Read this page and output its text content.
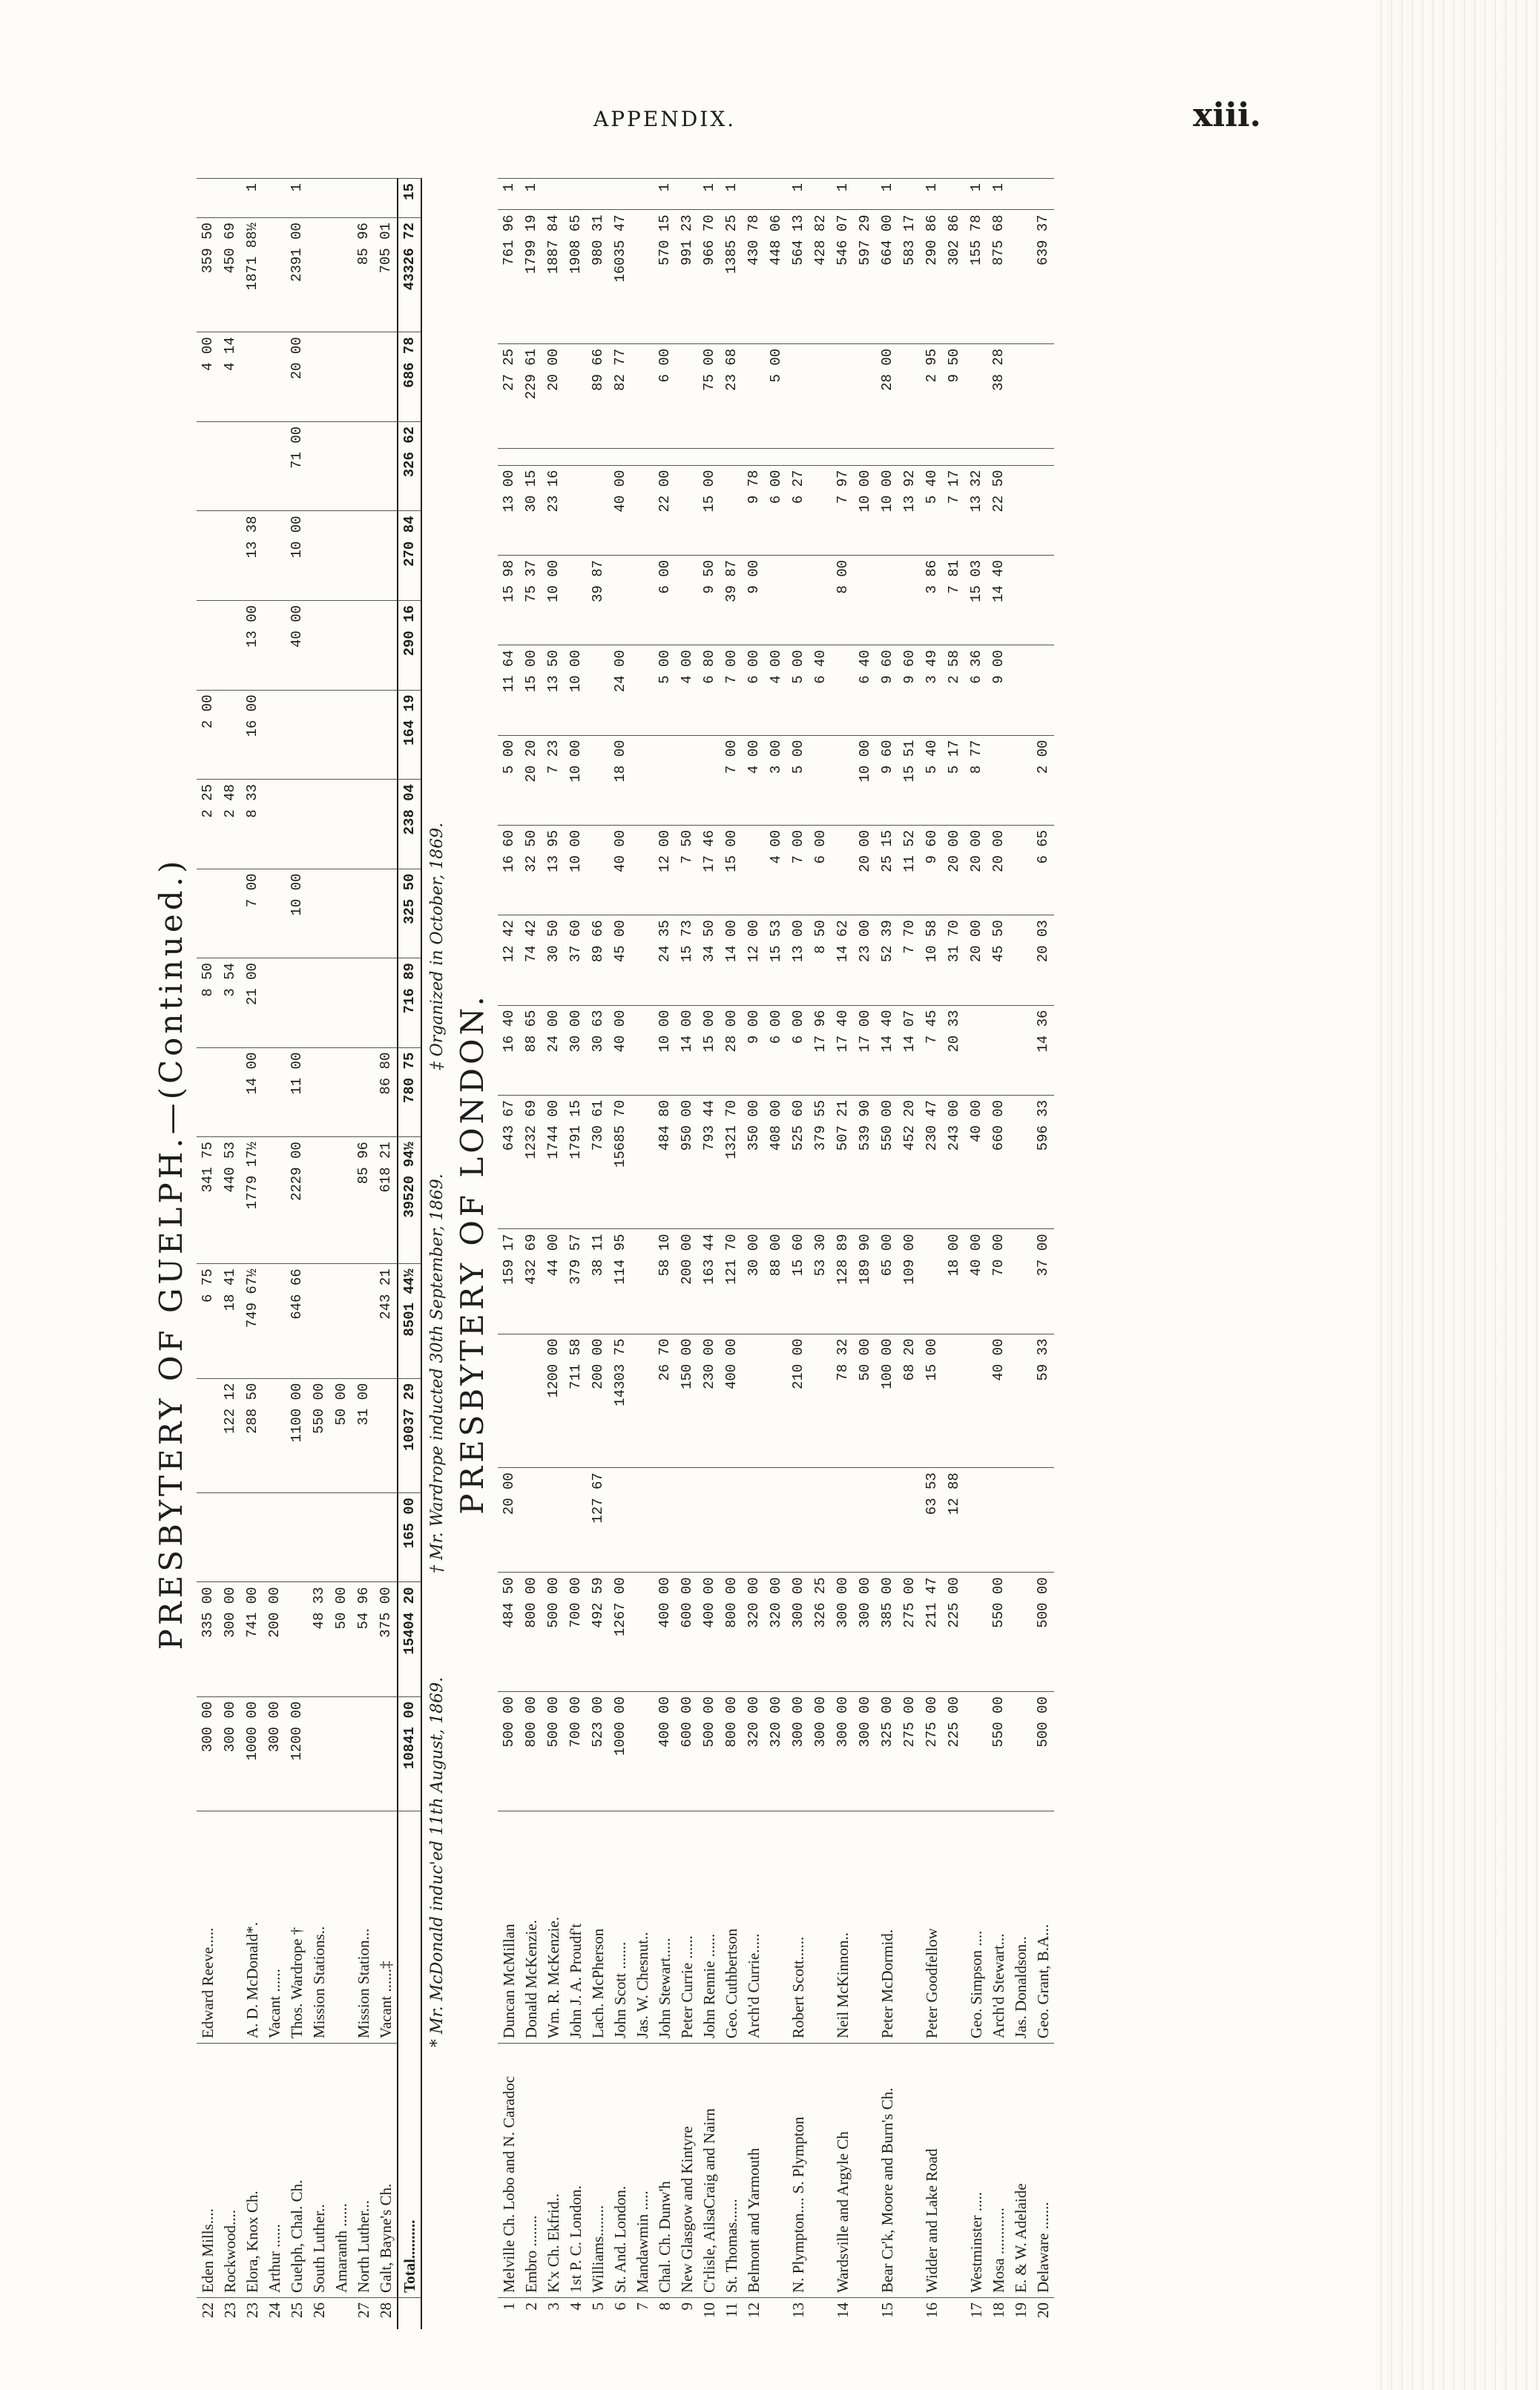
APPENDIX.	xiii.
PRESBYTERY OF GUELPH.—(Continued.)
22	Eden Mills....	Edward Reeve.....	300 00	335 00			6 75	341 75		8 50		2 25	2 00				4 00	359 50	
23	Rockwood....		300 00	300 00		122 12	18 41	440 53		3 54		2 48					4 14	450 69	
23	Elora, Knox Ch.	A. D. McDonald*.	1000 00	741 00		288 50	749 67½	1779 17½	14 00	21 00	7 00	8 33	16 00	13 00	13 38			1871 88½	1
24	Arthur ......	Vacant ......	300 00	200 00															
25	Guelph, Chal. Ch.	Thos. Wardrope †	1200 00			1100 00	646 66	2229 00	11 00		10 00			40 00	10 00	71 00	20 00	2391 00	1
26	South Luther..	Mission Stations..		48 33		550 00													
	Amaranth ......			50 00		50 00													
27	North Luther...	Mission Station...		54 96		31 00		85 96										85 96	
28	Galt, Bayne's Ch.	Vacant ......‡		375 00			243 21	618 21	86 80									705 01	
	Total..........		10841 00	15404 20	165 00	10037 29	8501 44½	39520 94½	780 75	716 89	325 50	238 04	164 19	290 16	270 84	326 62	686 78	43326 72	15
* Mr. McDonald induc'ed 11th August, 1869.
† Mr. Wardrope inducted 30th September, 1869.
‡ Organized in October, 1869.
PRESBYTERY OF LONDON.
1	Melville Ch. Lobo and N. Caradoc	Duncan McMillan	500 00	484 50	20 00		159 17	643 67	16 40	12 42	16 60	5 00	11 64	15 98	13 00		27 25	761 96	1
2	Embro ........	Donald McKenzie.	800 00	800 00			432 69	1232 69	88 65	74 42	32 50	20 20	15 00	75 37	30 15		229 61	1799 19	1
3	K'x Ch. Ekfrid..	Wm. R. McKenzie.	500 00	500 00		1200 00	44 00	1744 00	24 00	30 50	13 95	7 23	13 50	10 00	23 16		20 00	1887 84	
4	1st P. C. London.	John J. A. Proudf't	700 00	700 00		711 58	379 57	1791 15	30 00	37 60	10 00	10 00	10 00					1908 65	
5	Williams........	Lach. McPherson	523 00	492 59	127 67	200 00	38 11	730 61	30 63	89 66				39 87			89 66	980 31	
6	St. And. London.	John Scott .......	1000 00	1267 00		14303 75	114 95	15685 70	40 00	45 00	40 00	18 00	24 00		40 00		82 77	16035 47	
7	Mandawmin .....	Jas. W. Chesnut..																	
8	Chal. Ch. Dunw'h	John Stewart.....	400 00	400 00		26 70	58 10	484 80	10 00	24 35	12 00		5 00	6 00	22 00		6 00	570 15	1
9	New Glasgow and Kintyre	Peter Currie ......	600 00	600 00		150 00	200 00	950 00	14 00	15 73	7 50		4 00					991 23	
10	C'rlisle, AilsaCraig and Nairn	John Rennie ......	500 00	400 00		230 00	163 44	793 44	15 00	34 50	17 46		6 80	9 50	15 00		75 00	966 70	1
11	St. Thomas......	Geo. Cuthbertson	800 00	800 00		400 00	121 70	1321 70	28 00	14 00	15 00	7 00	7 00	39 87			23 68	1385 25	1
12	Belmont and Yarmouth	Arch'd Currie.....	320 00	320 00			30 00	350 00	9 00	12 00		4 00	6 00	9 00	9 78			430 78	
			320 00	320 00			88 00	408 00	6 00	15 53	4 00	3 00	4 00		6 00		5 00	448 06	
13	N. Plympton.... S. Plympton	Robert Scott......	300 00	300 00		210 00	15 60	525 60	6 00	13 00	7 00	5 00	5 00		6 27			564 13	1
			300 00	326 25			53 30	379 55	17 96	8 50	6 00		6 40					428 82	
14	Wardsville and Argyle Ch	Neil McKinnon..	300 00	300 00		78 32	128 89	507 21	17 40	14 62				8 00	7 97			546 07	1
			300 00	300 00		50 00	189 90	539 90	17 00	23 00	20 00	10 00	6 40		10 00			597 29	
15	Bear Cr'k, Moore and Burn's Ch.	Peter McDormid.	325 00	385 00		100 00	65 00	550 00	14 40	52 39	25 15	9 60	9 60		10 00		28 00	664 00	1
			275 00	275 00		68 20	109 00	452 20	14 07	7 70	11 52	15 51	9 60		13 92			583 17	
16	Widder and Lake Road	Peter Goodfellow	275 00	211 47	63 53	15 00		230 47	7 45	10 58	9 60	5 40	3 49	3 86	5 40		2 95	290 86	1
			225 00	225 00	12 88		18 00	243 00	20 33	31 70	20 00	5 17	2 58	7 81	7 17		9 50	302 86	
17	Westminster .....	Geo. Simpson ....					40 00	40 00		20 00	20 00	8 77	6 36	15 03	13 32			155 78	1
18	Mosa ............	Arch'd Stewart...	550 00	550 00		40 00	70 00	660 00		45 50	20 00		9 00	14 40	22 50		38 28	875 68	1
19	E. & W. Adelaide	Jas. Donaldson..																	
20	Delaware .......	Geo. Grant, B.A...	500 00	500 00		59 33	37 00	596 33	14 36	20 03	6 65	2 00						639 37	
